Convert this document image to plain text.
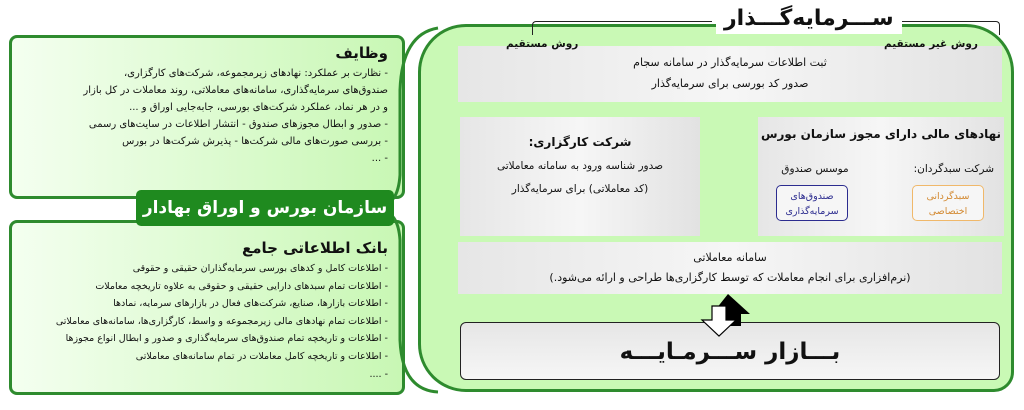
وظایف

- نظارت بر عملکرد: نهادهای زیرمجموعه، شرکت‌های کارگزاری،

صندوق‌های سرمایه‌گذاری، سامانه‌های معاملاتی، روند معاملات در کل بازار

و در هر نماد، عملکرد شرکت‌های بورسی، جابه‌جایی اوراق و ...

- صدور و ابطال مجوزهای صندوق - انتشار اطلاعات در سایت‌های رسمی

- بررسی صورت‌های مالی شرکت‌ها - پذیرش شرکت‌ها در بورس

- ...

سازمان بورس و اوراق بهادار
بانک اطلاعاتی جامع

- اطلاعات کامل و کدهای بورسی سرمایه‌گذاران حقیقی و حقوقی

- اطلاعات تمام سبدهای دارایی حقیقی و حقوقی به علاوه تاریخچه معاملات

- اطلاعات بازارها، صنایع، شرکت‌های فعال در بازارهای سرمایه، نمادها

- اطلاعات تمام نهادهای مالی زیرمجموعه و واسط، کارگزاری‌ها، سامانه‌های معاملاتی

- اطلاعات و تاریخچه تمام صندوق‌های سرمایه‌گذاری و صدور و ابطال انواع مجوزها

- اطلاعات و تاریخچه کامل معاملات در تمام سامانه‌های معاملاتی

- ....

ســـرمایه‌گـــذار
روش مستقیم	روش غیر مستقیم

ثبت اطلاعات سرمایه‌گذار در سامانه سجام

صدور کد بورسی برای سرمایه‌گذار

شرکت کارگزاری:

صدور شناسه ورود به سامانه معاملاتی

(کد معاملاتی) برای سرمایه‌گذار

نهادهای مالی دارای مجوز سازمان بورس
شرکت سبدگردان:
موسس صندوق
صندوق‌های
سرمایه‌گذاری
سبدگردانی
اختصاصی

سامانه معاملاتی

(نرم‌افزاری برای انجام معاملات که توسط کارگزاری‌ها طراحی و ارائه می‌شود.)

بـــازار ســـرمـایـــه
